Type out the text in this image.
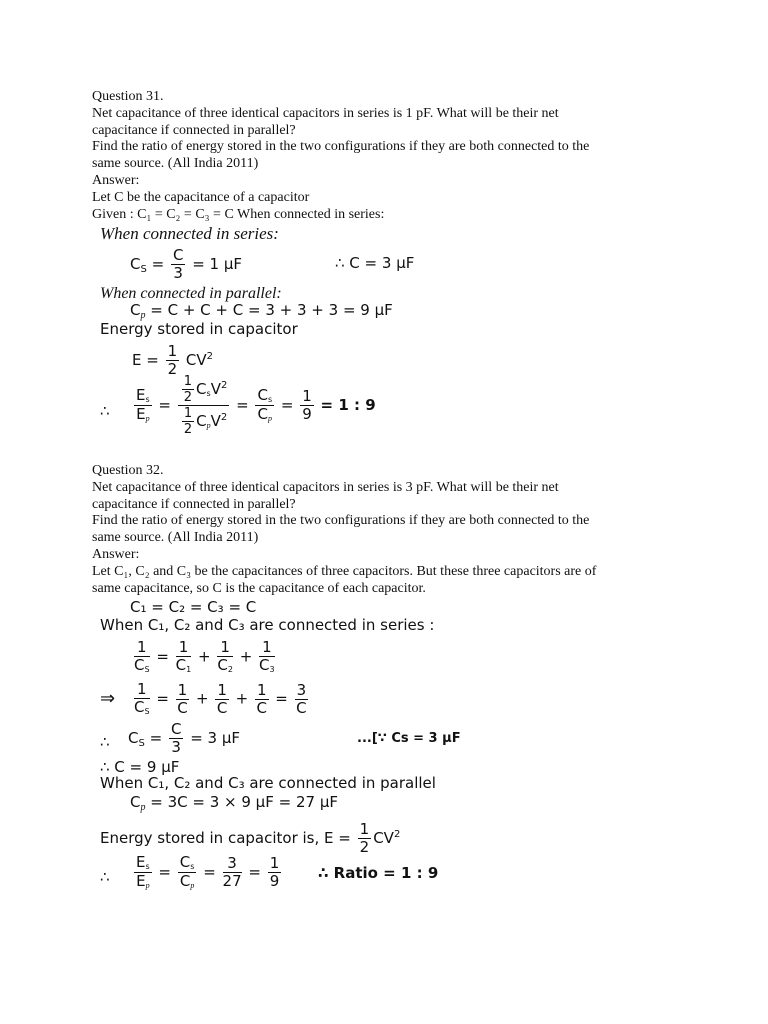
Question 31.
Net capacitance of three identical capacitors in series is 1 pF. What will be their net
capacitance if connected in parallel?
Find the ratio of energy stored in the two configurations if they are both connected to the
same source. (All India 2011)
Answer:
Let C be the capacitance of a capacitor
Given : C₁ = C₂ = C₃ = C When connected in series:
When connected in series:
$C_S = \frac{C}{3} = 1$ μF	∴ C = 3 μF
When connected in parallel:
$C_p = C + C + C = 3 + 3 + 3 = 9$ μF
Energy stored in capacitor
$E = \frac{1}{2} CV^2$
∴ $\frac{Es}{Ep}$ =
$\frac{1}{2} CsV^2$
$\frac{1}{2} CpV^2$
= $\frac{Cs}{Cp} = \frac{1}{9} = 1$ : 9
Question 32.
Net capacitance of three identical capacitors in series is 3 pF. What will be their net
capacitance if connected in parallel?
Find the ratio of energy stored in the two configurations if they are both connected to the
same source. (All India 2011)
Answer:
Let C₁, C₂ and C₃ be the capacitances of three capacitors. But these three capacitors are of
same capacitance, so C is the capacitance of each capacitor.
C₁ = C₂ = C₃ = C
When C₁, C₂ and C₃ are connected in series :
$\frac{1}{CS} = \frac{1}{C1} + \frac{1}{C2} + \frac{1}{C3}$
⇒ $\frac{1}{CS} = \frac{1}{C} + \frac{1}{C} + \frac{1}{C} = \frac{3}{C}$
∴ $C_S = \frac{C}{3} = 3$ μF	...[∵ Cs = 3 μF
∴ C = 9 μF
When C₁, C₂ and C₃ are connected in parallel
$C_p = 3C = 3 \times 9$ μF = 27 μF
Energy stored in capacitor is, $E = \frac{1}{2} CV^2$
∴ $\frac{Es}{Ep} = \frac{Cs}{Cp} = \frac{3}{27} = \frac{1}{9}$ ∴ Ratio = 1 : 9
